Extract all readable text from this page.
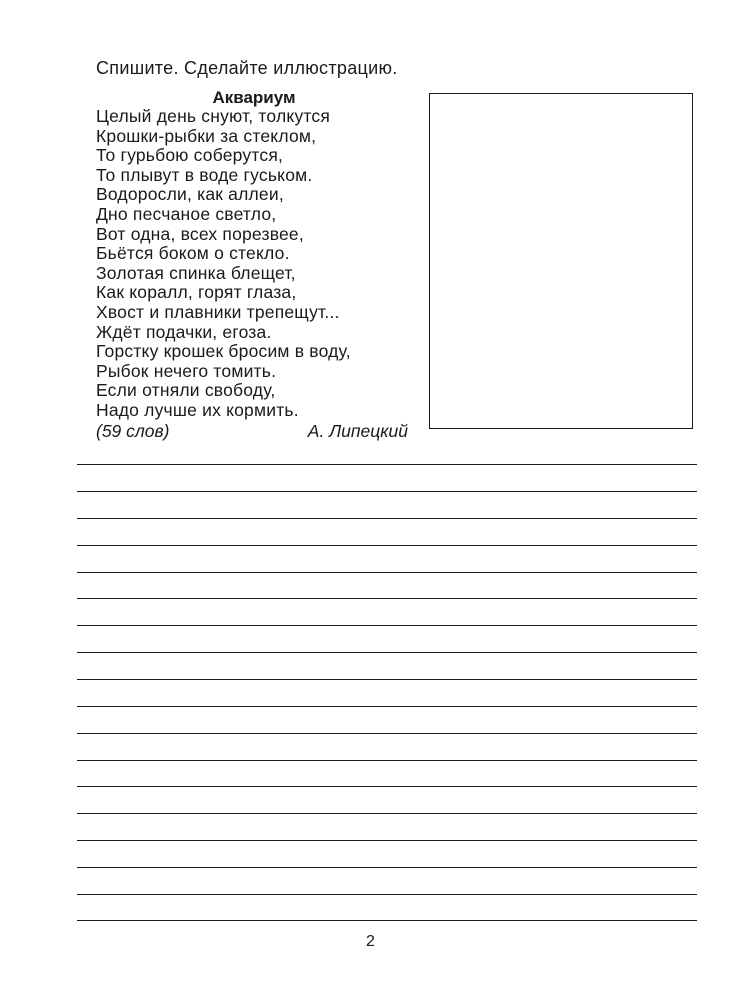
Спишите. Сделайте иллюстрацию.
Аквариум
Целый день снуют, толкутся
Крошки-рыбки за стеклом,
То гурьбою соберутся,
То плывут в воде гуськом.
Водоросли, как аллеи,
Дно песчаное светло,
Вот одна, всех порезвее,
Бьётся боком о стекло.
Золотая спинка блещет,
Как коралл, горят глаза,
Хвост и плавники трепещут...
Ждёт подачки, егоза.
Горстку крошек бросим в воду,
Рыбок нечего томить.
Если отняли свободу,
Надо лучше их кормить.
(59 слов)	А. Липецкий
2
